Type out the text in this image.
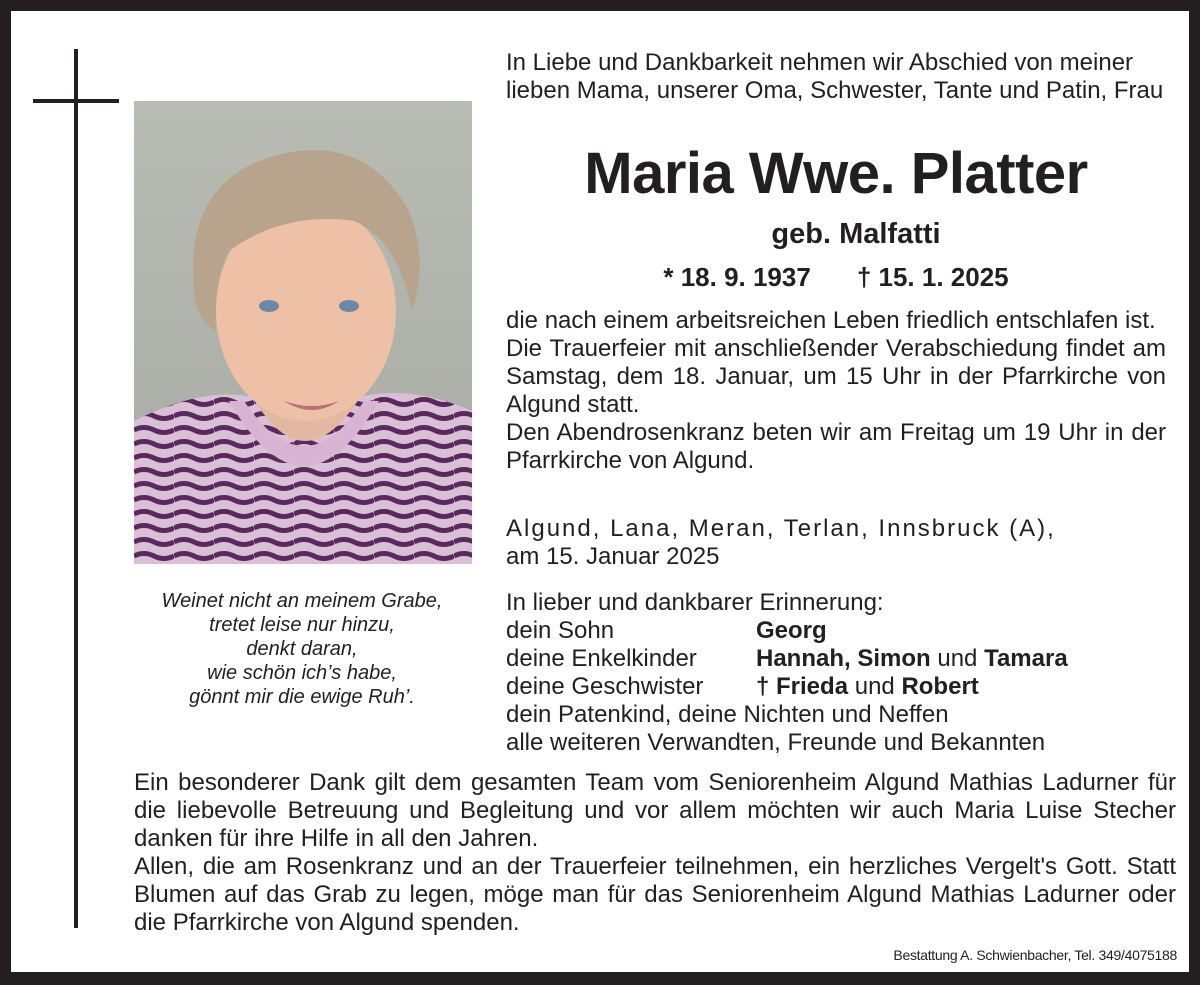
Weinet nicht an meinem Grabe,
tretet leise nur hinzu,
denkt daran,
wie schön ich’s habe,
gönnt mir die ewige Ruh’.
In Liebe und Dankbarkeit nehmen wir Abschied von meiner lieben Mama, unserer Oma, Schwester, Tante und Patin, Frau
Maria Wwe. Platter
geb. Malfatti
* 18. 9. 1937 † 15. 1. 2025

die nach einem arbeitsreichen Leben friedlich entschlafen ist.

Die Trauerfeier mit anschließender Verabschiedung findet am Samstag, dem 18. Januar, um 15 Uhr in der Pfarrkirche von Algund statt.

Den Abendrosenkranz beten wir am Freitag um 19 Uhr in der Pfarrkirche von Algund.

Algund, Lana, Meran, Terlan, Innsbruck (A),
am 15. Januar 2025
In lieber und dankbarer Erinnerung:
dein Sohn	Georg
deine Enkelkinder	Hannah, Simon und Tamara
deine Geschwister	† Frieda und Robert
dein Patenkind, deine Nichten und Neffen
alle weiteren Verwandten, Freunde und Bekannten

Ein besonderer Dank gilt dem gesamten Team vom Seniorenheim Algund Mathias Ladurner für die liebevolle Betreuung und Begleitung und vor allem möchten wir auch Maria Luise Stecher danken für ihre Hilfe in all den Jahren.

Allen, die am Rosenkranz und an der Trauerfeier teilnehmen, ein herzliches Vergelt's Gott. Statt Blumen auf das Grab zu legen, möge man für das Seniorenheim Algund Mathias Ladurner oder die Pfarrkirche von Algund spenden.

Bestattung A. Schwienbacher, Tel. 349/4075188
